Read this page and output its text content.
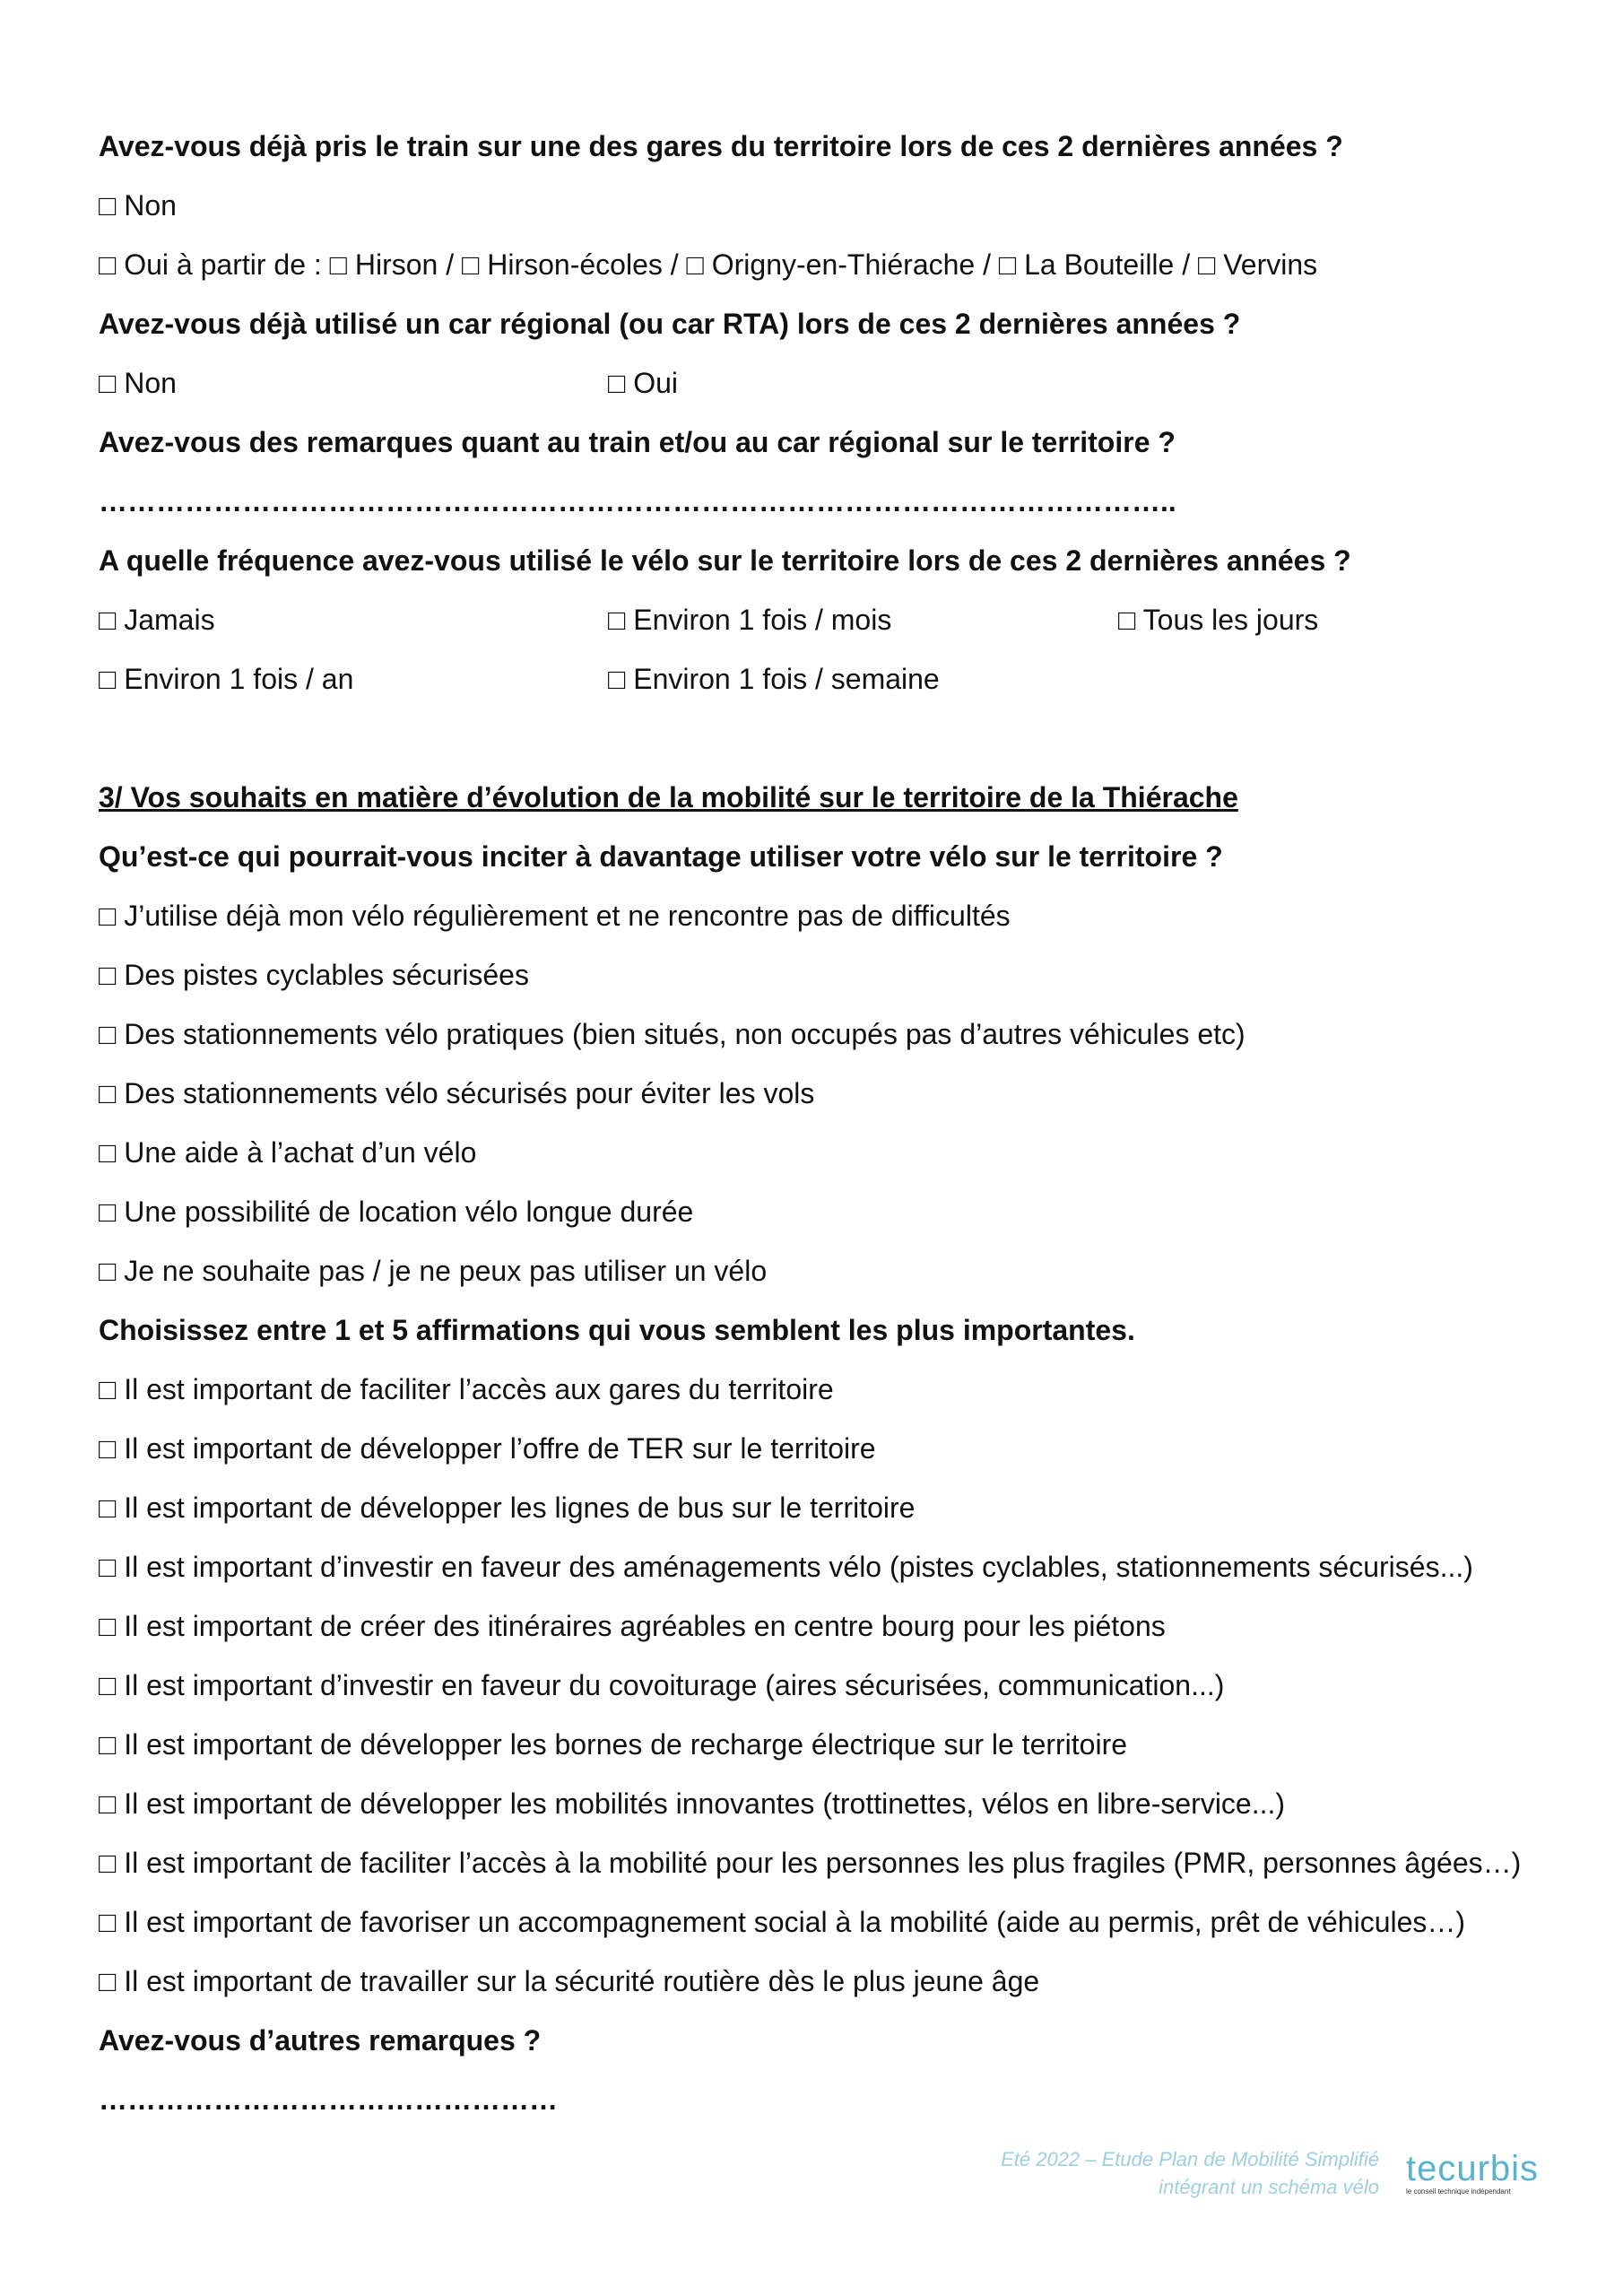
Avez-vous déjà pris le train sur une des gares du territoire lors de ces 2 dernières années ?
□ Non
□ Oui à partir de : □ Hirson / □ Hirson-écoles / □ Origny-en-Thiérache / □ La Bouteille / □ Vervins
Avez-vous déjà utilisé un car régional (ou car RTA) lors de ces 2 dernières années ?
□ Non	□ Oui
Avez-vous des remarques quant au train et/ou au car régional sur le territoire ?
…………………………………………………………………………………………………..
A quelle fréquence avez-vous utilisé le vélo sur le territoire lors de ces 2 dernières années ?
□ Jamais	□ Environ 1 fois / mois	□ Tous les jours
□ Environ 1 fois / an	□ Environ 1 fois / semaine
3/ Vos souhaits en matière d’évolution de la mobilité sur le territoire de la Thiérache
Qu’est-ce qui pourrait-vous inciter à davantage utiliser votre vélo sur le territoire ?
□ J’utilise déjà mon vélo régulièrement et ne rencontre pas de difficultés
□ Des pistes cyclables sécurisées
□ Des stationnements vélo pratiques (bien situés, non occupés pas d’autres véhicules etc)
□ Des stationnements vélo sécurisés pour éviter les vols
□ Une aide à l’achat d’un vélo
□ Une possibilité de location vélo longue durée
□ Je ne souhaite pas / je ne peux pas utiliser un vélo
Choisissez entre 1 et 5 affirmations qui vous semblent les plus importantes.
□ Il est important de faciliter l’accès aux gares du territoire
□ Il est important de développer l’offre de TER sur le territoire
□ Il est important de développer les lignes de bus sur le territoire
□ Il est important d’investir en faveur des aménagements vélo (pistes cyclables, stationnements sécurisés...)
□ Il est important de créer des itinéraires agréables en centre bourg pour les piétons
□ Il est important d’investir en faveur du covoiturage (aires sécurisées, communication...)
□ Il est important de développer les bornes de recharge électrique sur le territoire
□ Il est important de développer les mobilités innovantes (trottinettes, vélos en libre-service...)
□ Il est important de faciliter l’accès à la mobilité pour les personnes les plus fragiles (PMR, personnes âgées…)
□ Il est important de favoriser un accompagnement social à la mobilité (aide au permis, prêt de véhicules…)
□ Il est important de travailler sur la sécurité routière dès le plus jeune âge
Avez-vous d’autres remarques ?
…………………………………………
Eté 2022 – Etude Plan de Mobilité Simplifié
intégrant un schéma vélo tecurbis
le conseil technique indépendant
